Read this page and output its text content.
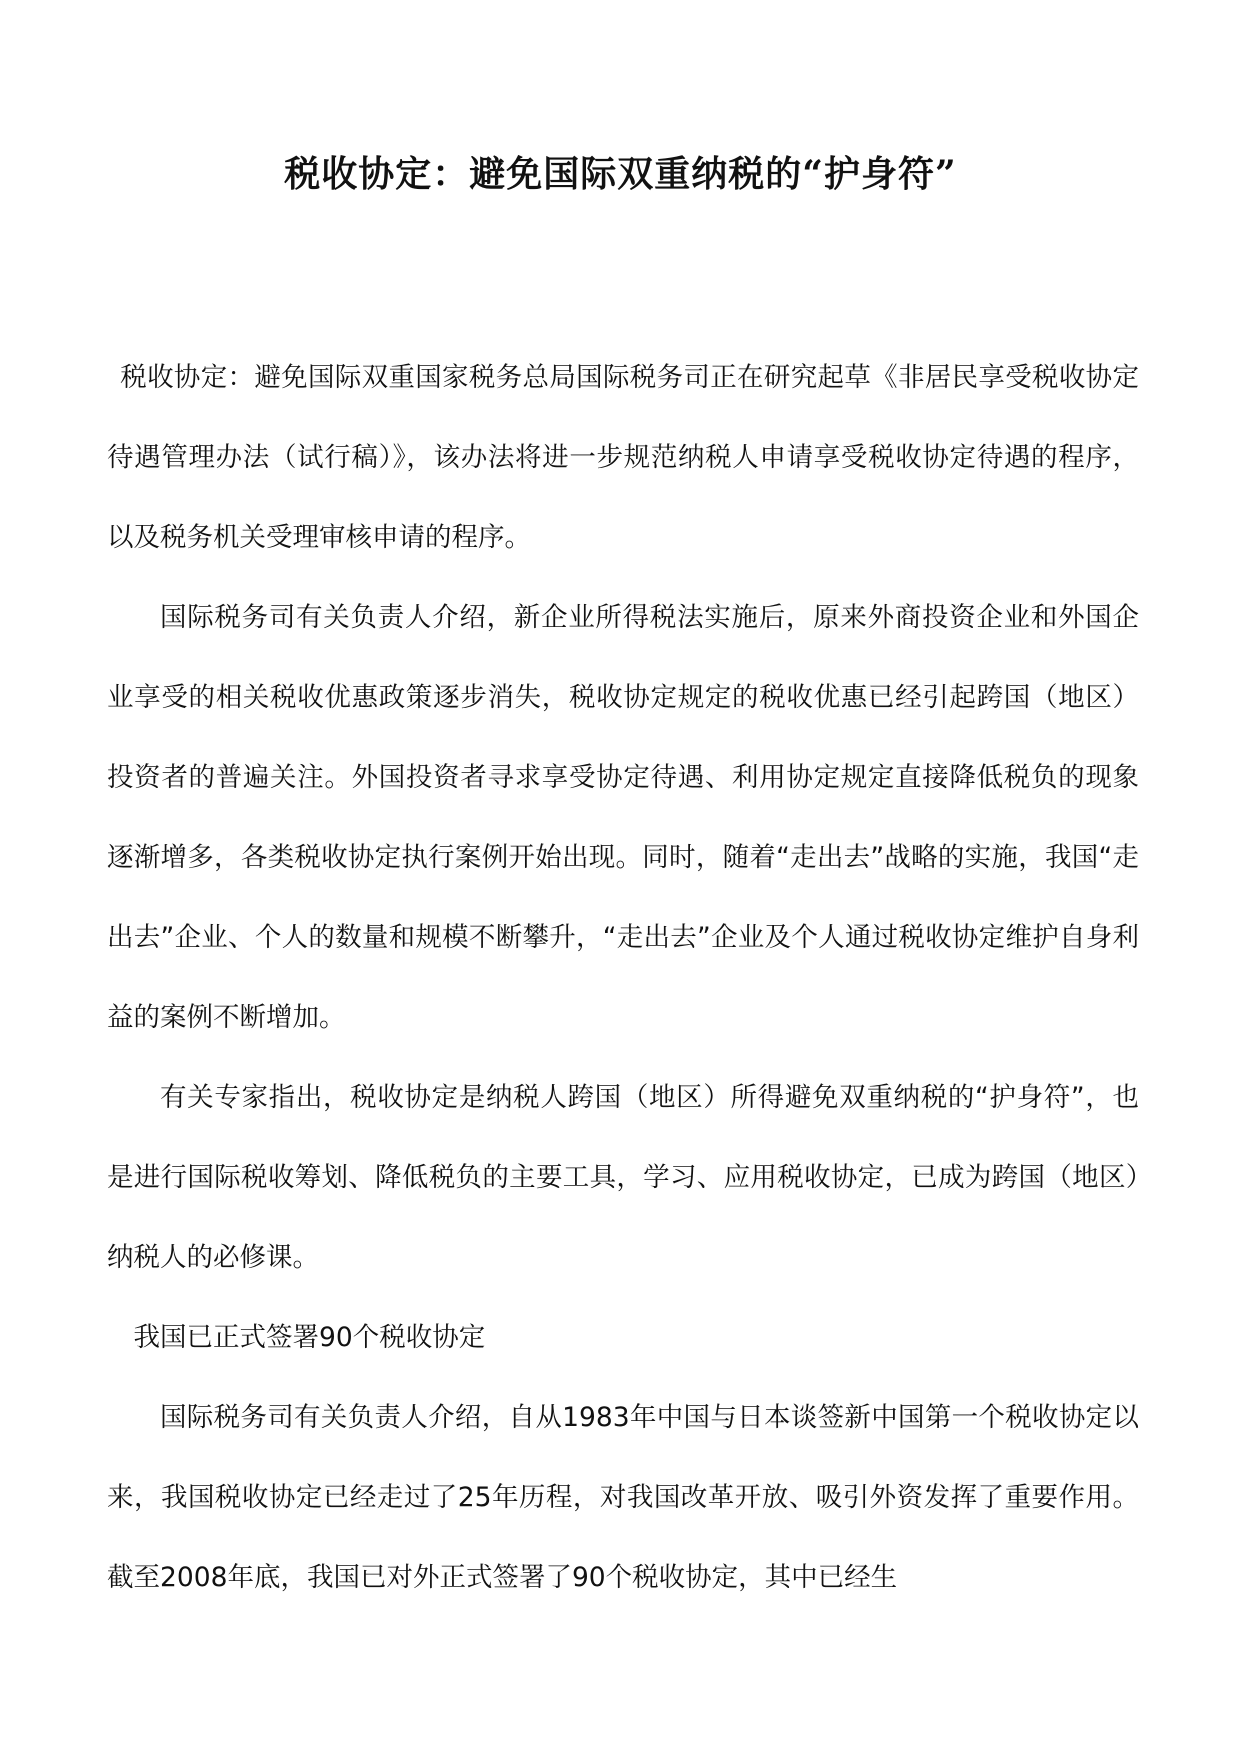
税收协定：避免国际双重纳税的“护身符”

税收协定：避免国际双重国家税务总局国际税务司正在研究起草《非居民享受税收协定待遇管理办法（试行稿）》，该办法将进一步规范纳税人申请享受税收协定待遇的程序，以及税务机关受理审核申请的程序。

国际税务司有关负责人介绍，新企业所得税法实施后，原来外商投资企业和外国企业享受的相关税收优惠政策逐步消失，税收协定规定的税收优惠已经引起跨国（地区）投资者的普遍关注。外国投资者寻求享受协定待遇、利用协定规定直接降低税负的现象逐渐增多，各类税收协定执行案例开始出现。同时，随着“走出去”战略的实施，我国“走出去”企业、个人的数量和规模不断攀升，“走出去”企业及个人通过税收协定维护自身利益的案例不断增加。

有关专家指出，税收协定是纳税人跨国（地区）所得避免双重纳税的“护身符”，也是进行国际税收筹划、降低税负的主要工具，学习、应用税收协定，已成为跨国（地区）纳税人的必修课。

我国已正式签署90个税收协定

国际税务司有关负责人介绍，自从1983年中国与日本谈签新中国第一个税收协定以来，我国税收协定已经走过了25年历程，对我国改革开放、吸引外资发挥了重要作用。截至2008年底，我国已对外正式签署了90个税收协定，其中已经生
